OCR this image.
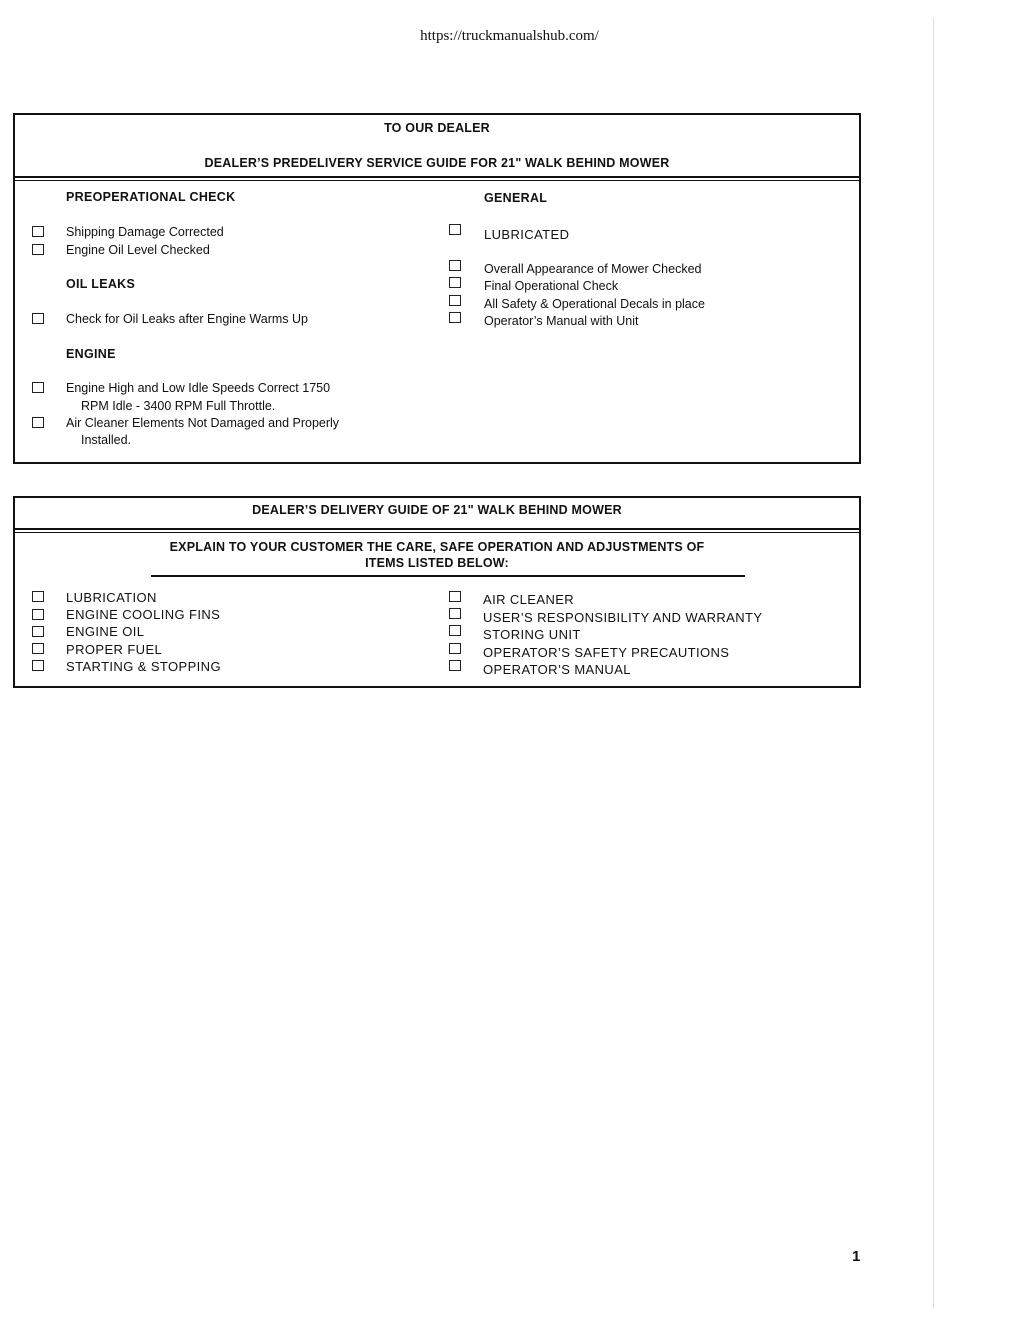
https://truckmanualshub.com/
TO OUR DEALER
DEALER’S PREDELIVERY SERVICE GUIDE FOR 21" WALK BEHIND MOWER
PREOPERATIONAL CHECK
Shipping Damage Corrected
Engine Oil Level Checked
OIL LEAKS
Check for Oil Leaks after Engine Warms Up
ENGINE
Engine High and Low Idle Speeds Correct 1750
RPM Idle - 3400 RPM Full Throttle.
Air Cleaner Elements Not Damaged and Properly
Installed.
GENERAL
LUBRICATED
Overall Appearance of Mower Checked
Final Operational Check
All Safety & Operational Decals in place
Operator’s Manual with Unit
DEALER’S DELIVERY GUIDE OF 21" WALK BEHIND MOWER
EXPLAIN TO YOUR CUSTOMER THE CARE, SAFE OPERATION AND ADJUSTMENTS OF
ITEMS LISTED BELOW:
LUBRICATION
ENGINE COOLING FINS
ENGINE OIL
PROPER FUEL
STARTING & STOPPING
AIR CLEANER
USER’S RESPONSIBILITY AND WARRANTY
STORING UNIT
OPERATOR’S SAFETY PRECAUTIONS
OPERATOR’S MANUAL
1
